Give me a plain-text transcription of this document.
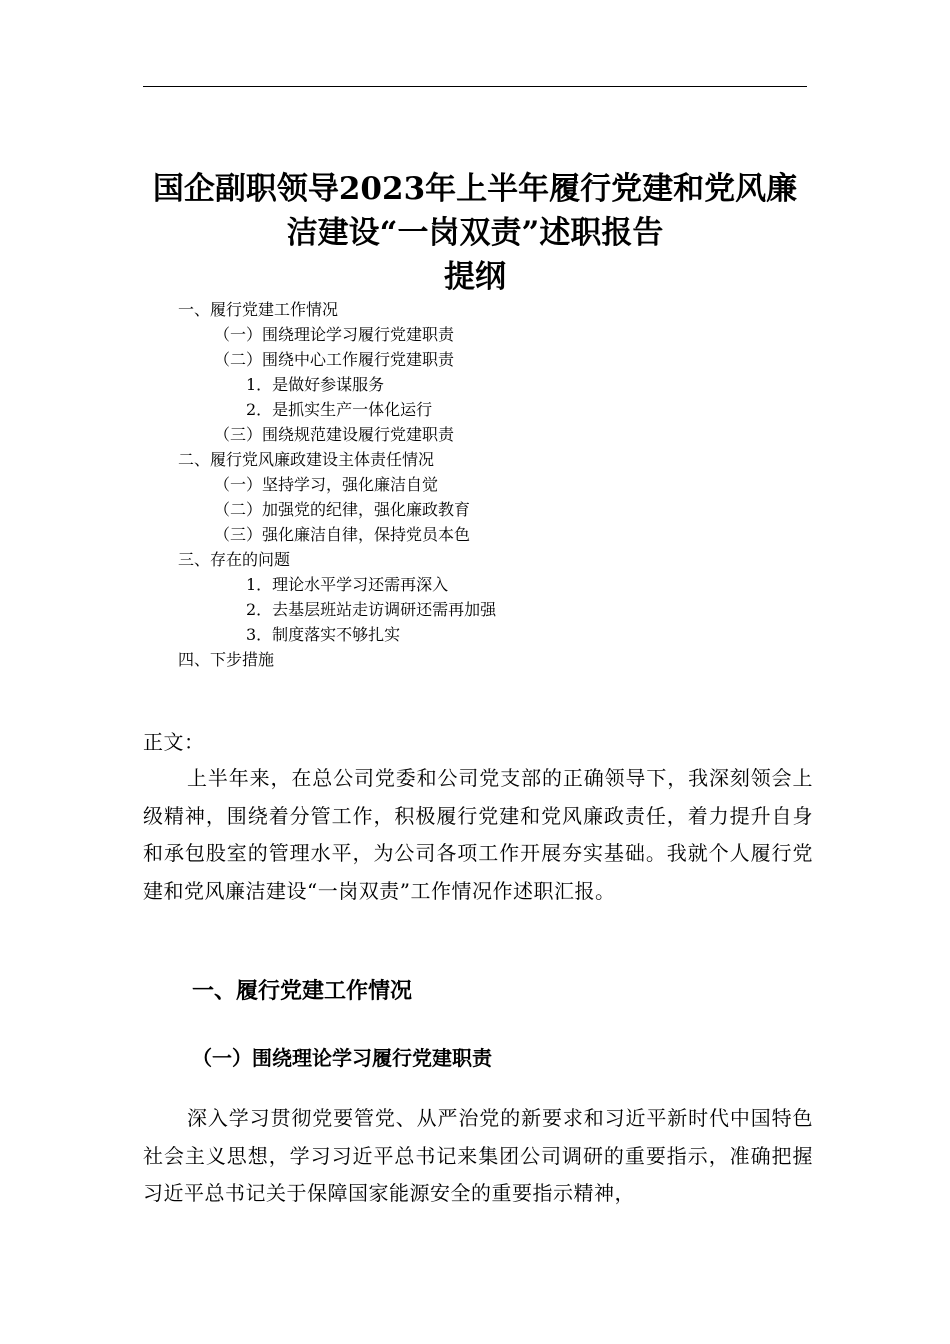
国企副职领导2023年上半年履行党建和党风廉
洁建设“一岗双责”述职报告
提纲
一、履行党建工作情况
（一）围绕理论学习履行党建职责
（二）围绕中心工作履行党建职责
1．是做好参谋服务
2．是抓实生产一体化运行
（三）围绕规范建设履行党建职责
二、履行党风廉政建设主体责任情况
（一）坚持学习，强化廉洁自觉
（二）加强党的纪律，强化廉政教育
（三）强化廉洁自律，保持党员本色
三、存在的问题
1．理论水平学习还需再深入
2．去基层班站走访调研还需再加强
3．制度落实不够扎实
四、下步措施

正文：

上半年来，在总公司党委和公司党支部的正确领导下，我深刻领会上级精神，围绕着分管工作，积极履行党建和党风廉政责任，着力提升自身和承包股室的管理水平，为公司各项工作开展夯实基础。我就个人履行党建和党风廉洁建设“一岗双责”工作情况作述职汇报。

一、履行党建工作情况
（一）围绕理论学习履行党建职责

深入学习贯彻党要管党、从严治党的新要求和习近平新时代中国特色社会主义思想，学习习近平总书记来集团公司调研的重要指示，准确把握习近平总书记关于保障国家能源安全的重要指示精神，
